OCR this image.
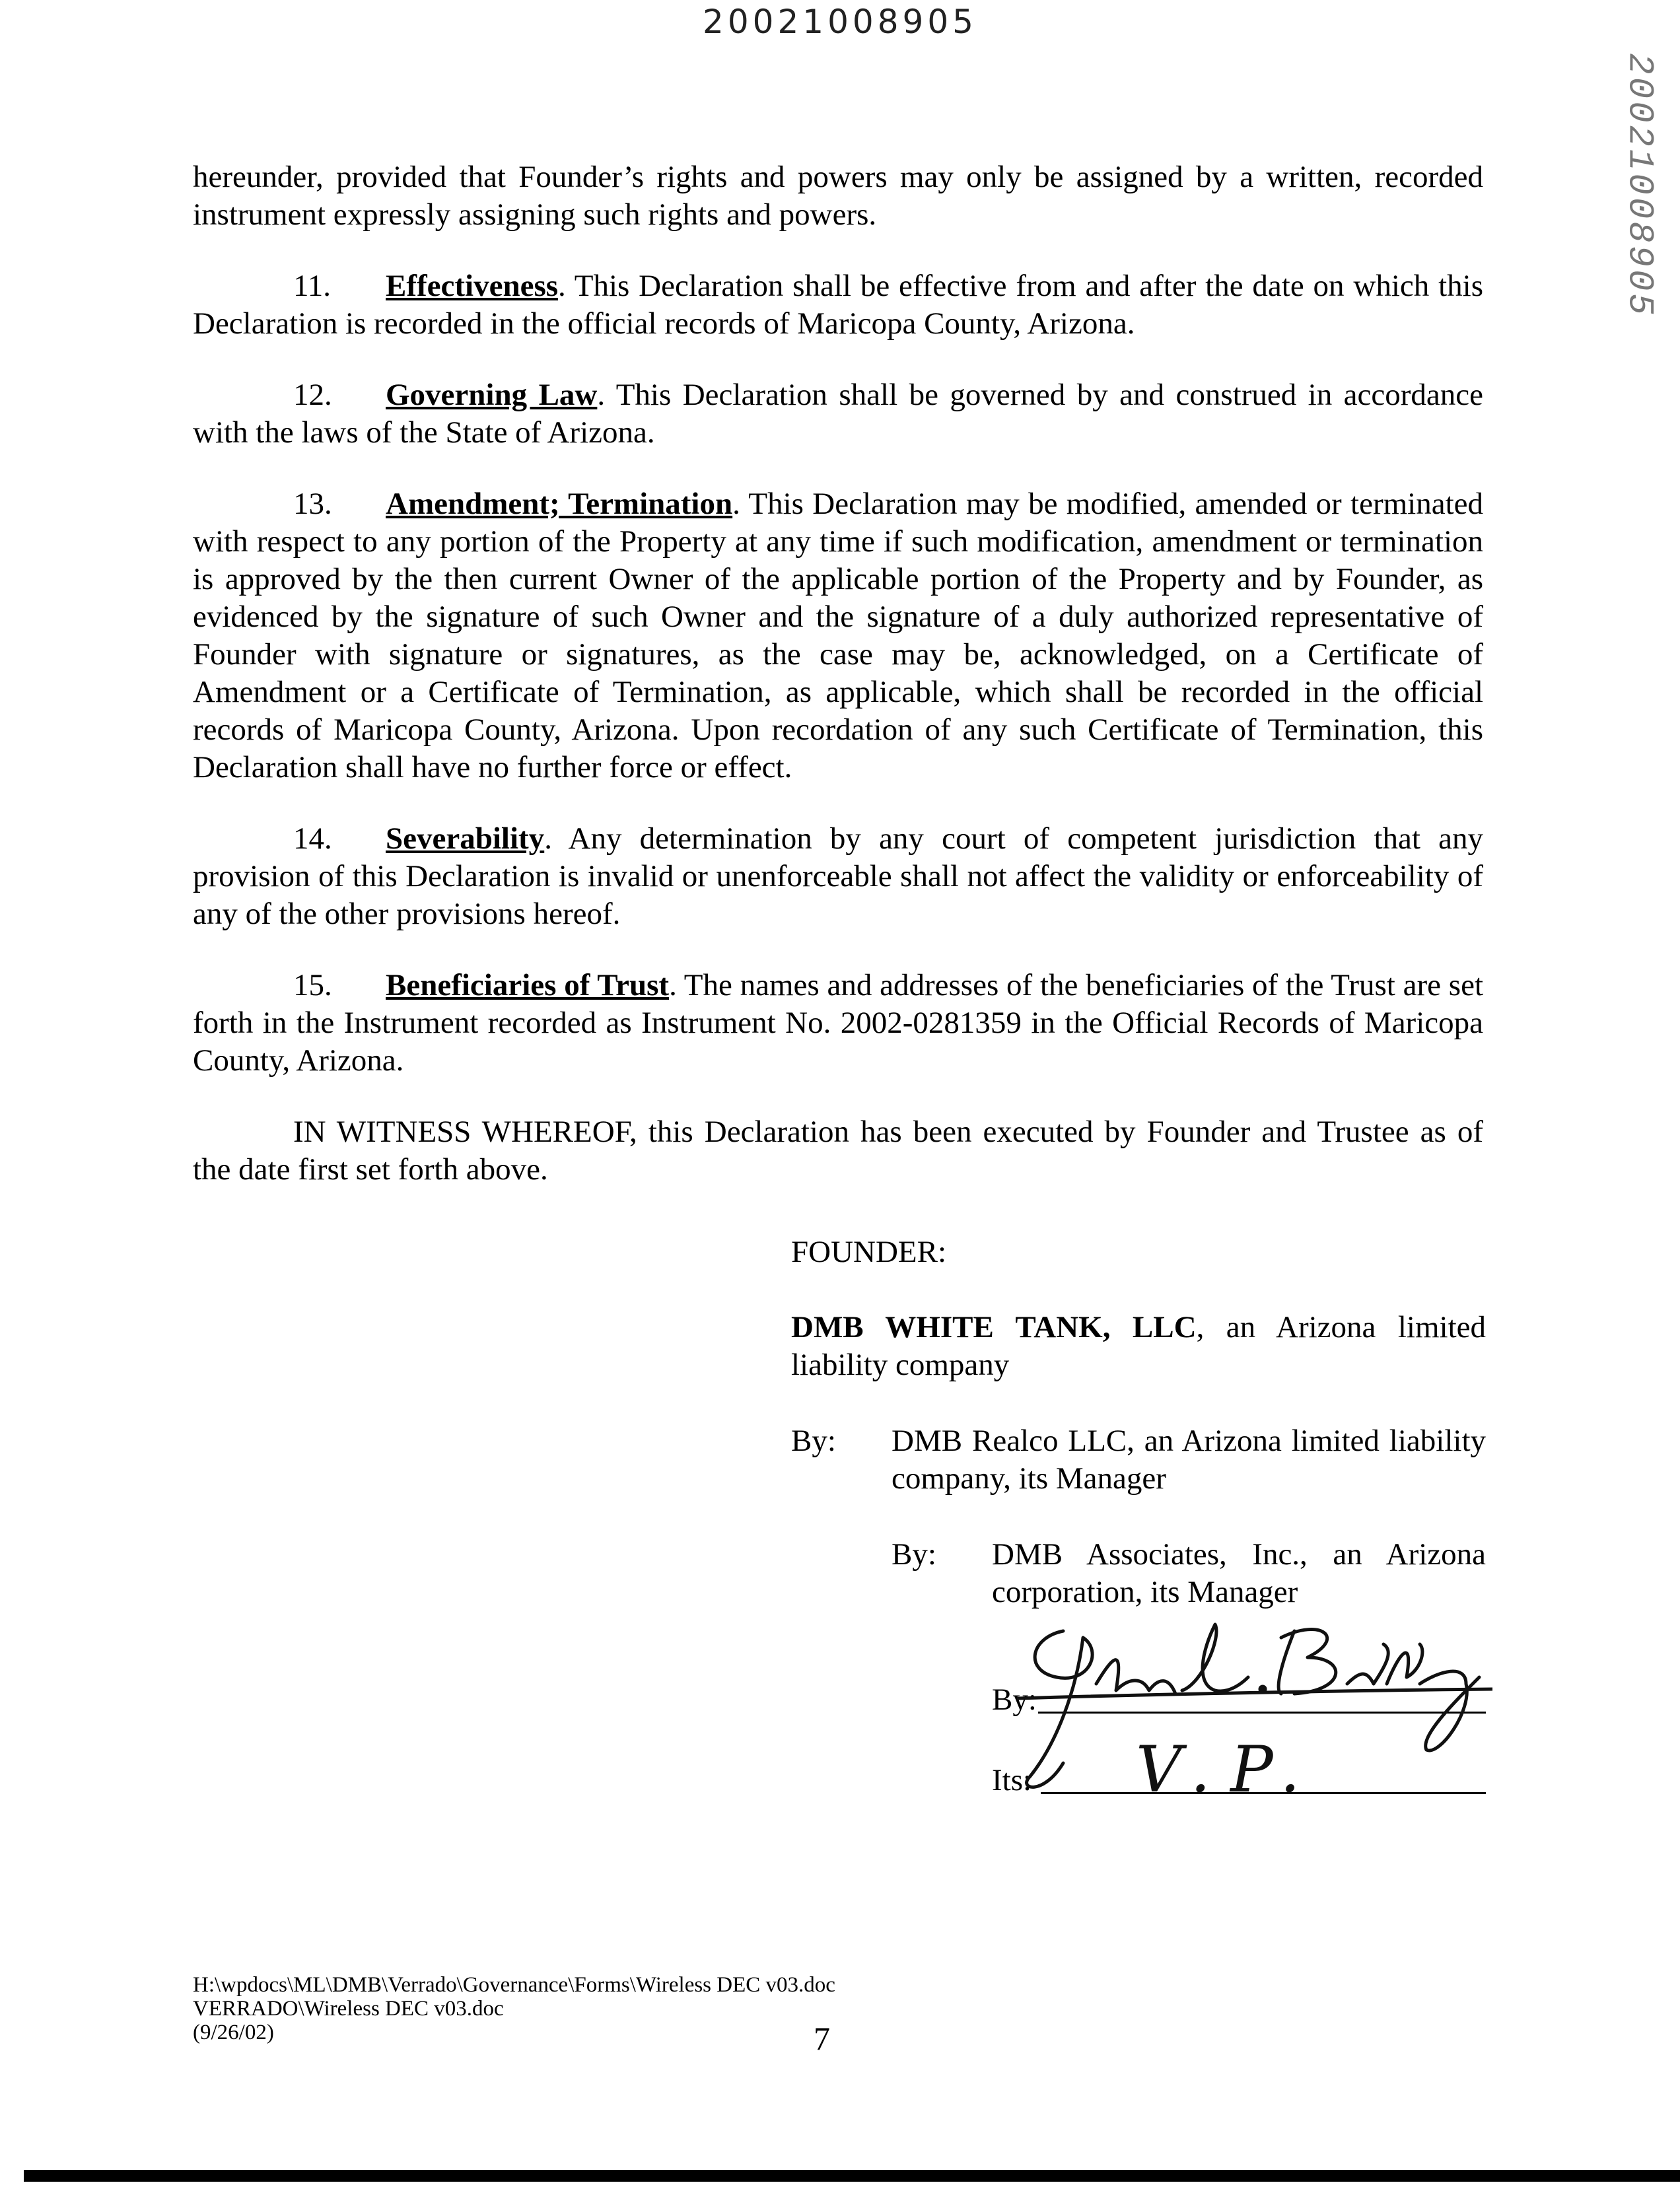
20021008905
20021008905

hereunder, provided that Founder’s rights and powers may only be assigned by a written, recorded instrument expressly assigning such rights and powers.

11. Effectiveness. This Declaration shall be effective from and after the date on which this Declaration is recorded in the official records of Maricopa County, Arizona.

12. Governing Law. This Declaration shall be governed by and construed in accordance with the laws of the State of Arizona.

13. Amendment; Termination. This Declaration may be modified, amended or terminated with respect to any portion of the Property at any time if such modification, amendment or termination is approved by the then current Owner of the applicable portion of the Property and by Founder, as evidenced by the signature of such Owner and the signature of a duly authorized representative of Founder with signature or signatures, as the case may be, acknowledged, on a Certificate of Amendment or a Certificate of Termination, as applicable, which shall be recorded in the official records of Maricopa County, Arizona. Upon recordation of any such Certificate of Termination, this Declaration shall have no further force or effect.

14. Severability. Any determination by any court of competent jurisdiction that any provision of this Declaration is invalid or unenforceable shall not affect the validity or enforceability of any of the other provisions hereof.

15. Beneficiaries of Trust. The names and addresses of the beneficiaries of the Trust are set forth in the Instrument recorded as Instrument No. 2002-0281359 in the Official Records of Maricopa County, Arizona.

IN WITNESS WHEREOF, this Declaration has been executed by Founder and Trustee as of the date first set forth above.

FOUNDER:
DMB WHITE TANK, LLC, an Arizona limited liability company
By:	DMB Realco LLC, an Arizona limited liability company, its Manager
By:	DMB Associates, Inc., an Arizona corporation, its Manager
By:
Its:	V.P.
H:\wpdocs\ML\DMB\Verrado\Governance\Forms\Wireless DEC v03.doc
VERRADO\Wireless DEC v03.doc
(9/26/02)	7
